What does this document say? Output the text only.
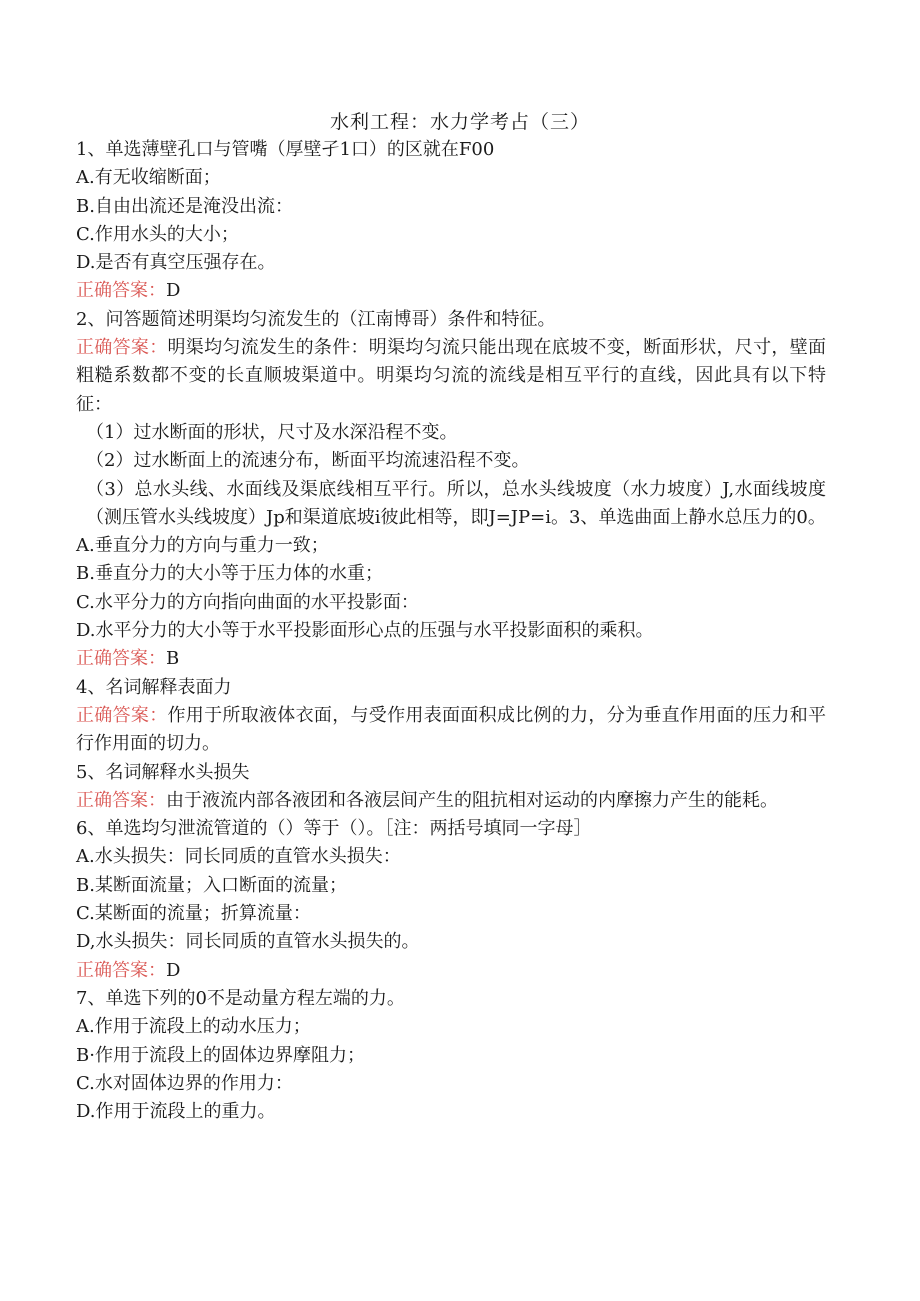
水利工程：水力学考占（三）

1、单选薄壁孔口与管嘴（厚壁孑1口）的区就在F00

A.有无收缩断面；

B.自由出流还是淹没出流：

C.作用水头的大小；

D.是否有真空压强存在。

正确答案：D

2、问答题简述明渠均匀流发生的（江南博哥）条件和特征。

正确答案：明渠均匀流发生的条件：明渠均匀流只能出现在底坡不变，断面形状，尺寸，壁面粗糙系数都不变的长直顺坡渠道中。明渠均匀流的流线是相互平行的直线，因此具有以下特征：

（1）过水断面的形状，尺寸及水深沿程不变。

（2）过水断面上的流速分布，断面平均流速沿程不变。

（3）总水头线、水面线及渠底线相互平行。所以，总水头线坡度（水力坡度）J,水面线坡度（测压管水头线坡度）Jp和渠道底坡i彼此相等，即J=JP=i。3、单选曲面上静水总压力的0。

A.垂直分力的方向与重力一致；

B.垂直分力的大小等于压力体的水重；

C.水平分力的方向指向曲面的水平投影面：

D.水平分力的大小等于水平投影面形心点的压强与水平投影面积的乘积。

正确答案：B

4、名词解释表面力

正确答案：作用于所取液体衣面，与受作用表面面积成比例的力，分为垂直作用面的压力和平行作用面的切力。

5、名词解释水头损失

正确答案：由于液流内部各液团和各液层间产生的阻抗相对运动的内摩擦力产生的能耗。

6、单选均匀泄流管道的（）等于（）。［注：两括号填同一字母］

A.水头损失：同长同质的直管水头损失：

B.某断面流量；入口断面的流量；

C.某断面的流量；折算流量：

D,水头损失：同长同质的直管水头损失的。

正确答案：D

7、单选下列的0不是动量方程左端的力。

A.作用于流段上的动水压力；

B·作用于流段上的固体边界摩阻力；

C.水对固体边界的作用力：

D.作用于流段上的重力。
